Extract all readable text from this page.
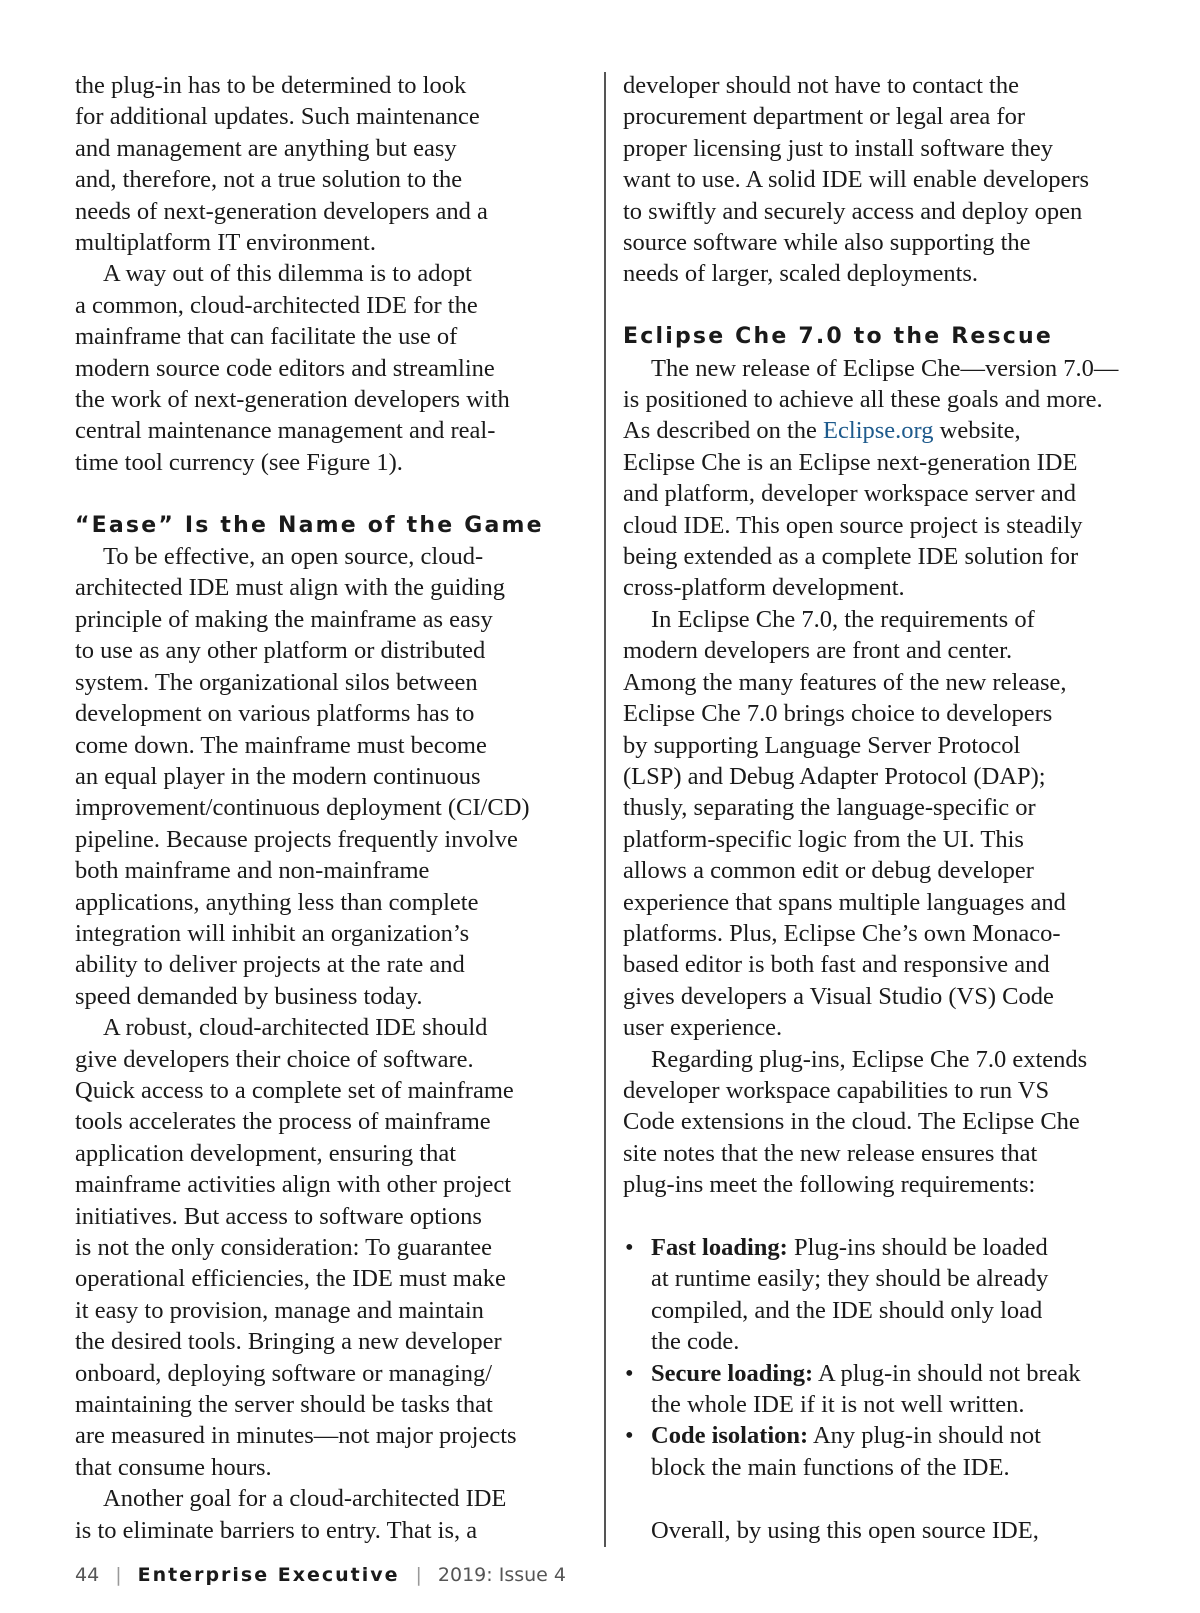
the plug-in has to be determined to look
for additional updates. Such maintenance
and management are anything but easy
and, therefore, not a true solution to the
needs of next-generation developers and a
multiplatform IT environment.
A way out of this dilemma is to adopt
a common, cloud-architected IDE for the
mainframe that can facilitate the use of
modern source code editors and streamline
the work of next-generation developers with
central maintenance management and real-
time tool currency (see Figure 1).
“Ease” Is the Name of the Game
To be effective, an open source, cloud-
architected IDE must align with the guiding
principle of making the mainframe as easy
to use as any other platform or distributed
system. The organizational silos between
development on various platforms has to
come down. The mainframe must become
an equal player in the modern continuous
improvement/continuous deployment (CI/CD)
pipeline. Because projects frequently involve
both mainframe and non-mainframe
applications, anything less than complete
integration will inhibit an organization’s
ability to deliver projects at the rate and
speed demanded by business today.
A robust, cloud-architected IDE should
give developers their choice of software.
Quick access to a complete set of mainframe
tools accelerates the process of mainframe
application development, ensuring that
mainframe activities align with other project
initiatives. But access to software options
is not the only consideration: To guarantee
operational efficiencies, the IDE must make
it easy to provision, manage and maintain
the desired tools. Bringing a new developer
onboard, deploying software or managing/
maintaining the server should be tasks that
are measured in minutes—not major projects
that consume hours.
Another goal for a cloud-architected IDE
is to eliminate barriers to entry. That is, a
developer should not have to contact the
procurement department or legal area for
proper licensing just to install software they
want to use. A solid IDE will enable developers
to swiftly and securely access and deploy open
source software while also supporting the
needs of larger, scaled deployments.
Eclipse Che 7.0 to the Rescue
The new release of Eclipse Che—version 7.0—
is positioned to achieve all these goals and more.
As described on the Eclipse.org website,
Eclipse Che is an Eclipse next-generation IDE
and platform, developer workspace server and
cloud IDE. This open source project is steadily
being extended as a complete IDE solution for
cross-platform development.
In Eclipse Che 7.0, the requirements of
modern developers are front and center.
Among the many features of the new release,
Eclipse Che 7.0 brings choice to developers
by supporting Language Server Protocol
(LSP) and Debug Adapter Protocol (DAP);
thusly, separating the language-specific or
platform-specific logic from the UI. This
allows a common edit or debug developer
experience that spans multiple languages and
platforms. Plus, Eclipse Che’s own Monaco-
based editor is both fast and responsive and
gives developers a Visual Studio (VS) Code
user experience.
Regarding plug-ins, Eclipse Che 7.0 extends
developer workspace capabilities to run VS
Code extensions in the cloud. The Eclipse Che
site notes that the new release ensures that
plug-ins meet the following requirements:
• Fast loading: Plug-ins should be loaded
at runtime easily; they should be already
compiled, and the IDE should only load
the code.
• Secure loading: A plug-in should not break
the whole IDE if it is not well written.
• Code isolation: Any plug-in should not
block the main functions of the IDE.
Overall, by using this open source IDE,
44 | Enterprise Executive | 2019: Issue 4
